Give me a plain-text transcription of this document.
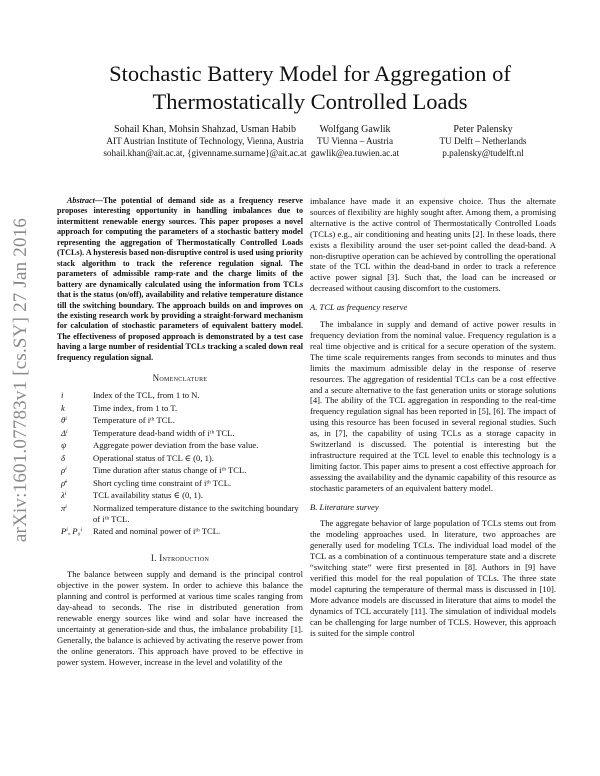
arXiv:1601.07783v1 [cs.SY] 27 Jan 2016
Stochastic Battery Model for Aggregation of Thermostatically Controlled Loads
Sohail Khan, Mohsin Shahzad, Usman Habib
AIT Austrian Institute of Technology, Vienna, Austria
sohail.khan@ait.ac.at, {givenname.surname}@ait.ac.at
Wolfgang Gawlik
TU Vienna – Austria
gawlik@ea.tuwien.ac.at
Peter Palensky
TU Delft – Netherlands
p.palensky@tudelft.nl

Abstract—The potential of demand side as a frequency reserve proposes interesting opportunity in handling imbalances due to intermittent renewable energy sources. This paper proposes a novel approach for computing the parameters of a stochastic battery model representing the aggregation of Thermostatically Controlled Loads (TCLs). A hysteresis based non-disruptive control is used using priority stack algorithm to track the reference regulation signal. The parameters of admissible ramp-rate and the charge limits of the battery are dynamically calculated using the information from TCLs that is the status (on/off), availability and relative temperature distance till the switching boundary. The approach builds on and improves on the existing research work by providing a straight-forward mechanism for calculation of stochastic parameters of equivalent battery model. The effectiveness of proposed approach is demonstrated by a test case having a large number of residential TCLs tracking a scaled down real frequency regulation signal.

Nomenclature
i	Index of the TCL, from 1 to N.
k	Time index, from 1 to T.
θⁱ	Temperature of iᵗʰ TCL.
Δⁱ	Temperature dead-band width of iᵗʰ TCL.
ψ	Aggregate power deviation from the base value.
δ	Operational status of TCL ∈ (0, 1).
ρⁱ	Time duration after status change of iᵗʰ TCL.
ρ̄ⁱ	Short cycling time constraint of iᵗʰ TCL.
λⁱ	TCL availability status ∈ (0, 1).
πⁱ	Normalized temperature distance to the switching boundary of iᵗʰ TCL.
Pⁱ, P₀ⁱ	Rated and nominal power of iᵗʰ TCL.
I. Introduction

The balance between supply and demand is the principal control objective in the power system. In order to achieve this balance the planning and control is performed at various time scales ranging from day-ahead to seconds. The rise in distributed generation from renewable energy sources like wind and solar have increased the uncertainty at generation-side and thus, the imbalance probability [1]. Generally, the balance is achieved by activating the reserve power from the online generators. This approach have proved to be effective in power system. However, increase in the level and volatility of the

imbalance have made it an expensive choice. Thus the alternate sources of flexibility are highly sought after. Among them, a promising alternative is the active control of Thermostatically Controlled Loads (TCLs) e.g., air conditioning and heating units [2]. In these loads, there exists a flexibility around the user set-point called the dead-band. A non-disruptive operation can be achieved by controlling the operational state of the TCL within the dead-band in order to track a reference active power signal [3]. Such that, the load can be increased or decreased without causing discomfort to the customers.

A. TCL as frequency reserve

The imbalance in supply and demand of active power results in frequency deviation from the nominal value. Frequency regulation is a real time objective and is critical for a secure operation of the system. The time scale requirements ranges from seconds to minutes and thus limits the maximum admissible delay in the response of reserve resources. The aggregation of residential TCLs can be a cost effective and a secure alternative to the fast generation units or storage solutions [4]. The ability of the TCL aggregation in responding to the real-time frequency regulation signal has been reported in [5], [6]. The impact of using this resource has been focused in several regional studies. Such as, in [7], the capability of using TCLs as a storage capacity in Switzerland is discussed. The potential is interesting but the infrastructure required at the TCL level to enable this technology is a limiting factor. This paper aims to present a cost effective approach for assessing the availability and the dynamic capability of this resource as stochastic parameters of an equivalent battery model.

B. Literature survey

The aggregate behavior of large population of TCLs stems out from the modeling approaches used. In literature, two approaches are generally used for modeling TCLs. The individual load model of the TCL as a combination of a continuous temperature state and a discrete “switching state” were first presented in [8]. Authors in [9] have verified this model for the real population of TCLs. The three state model capturing the temperature of thermal mass is discussed in [10]. More advance models are discussed in literature that aims to model the dynamics of TCL accurately [11]. The simulation of individual models can be challenging for large number of TCLS. However, this approach is suited for the simple control
